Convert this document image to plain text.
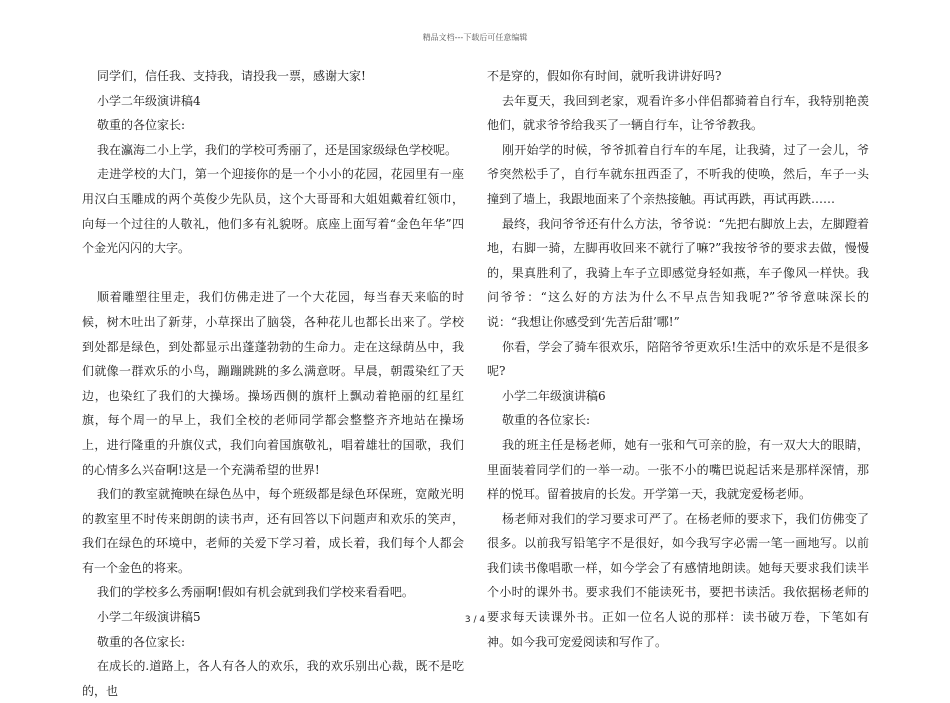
精品文档---下载后可任意编辑

同学们，信任我、支持我，请投我一票，感谢大家!

小学二年级演讲稿4

敬重的各位家长:

我在瀛海二小上学，我们的学校可秀丽了，还是国家级绿色学校呢。

走进学校的大门，第一个迎接你的是一个小小的花园，花园里有一座用汉白玉雕成的两个英俊少先队员，这个大哥哥和大姐姐戴着红领巾，向每一个过往的人敬礼，他们多有礼貌呀。底座上面写着“金色年华”四个金光闪闪的大字。

顺着雕塑往里走，我们仿佛走进了一个大花园，每当春天来临的时候，树木吐出了新芽，小草探出了脑袋，各种花儿也都长出来了。学校到处都是绿色，到处都显示出蓬蓬勃勃的生命力。走在这绿荫丛中，我们就像一群欢乐的小鸟，蹦蹦跳跳的多么满意呀。早晨，朝霞染红了天边，也染红了我们的大操场。操场西侧的旗杆上飘动着艳丽的红星红旗，每个周一的早上，我们全校的老师同学都会整整齐齐地站在操场上，进行隆重的升旗仪式，我们向着国旗敬礼，唱着雄壮的国歌，我们的心情多么兴奋啊!这是一个充满希望的世界!

我们的教室就掩映在绿色丛中，每个班级都是绿色环保班，宽敞光明的教室里不时传来朗朗的读书声，还有回答以下问题声和欢乐的笑声，我们在绿色的环境中，老师的关爱下学习着，成长着，我们每个人都会有一个金色的将来。

我们的学校多么秀丽啊!假如有机会就到我们学校来看看吧。

小学二年级演讲稿5

敬重的各位家长:

在成长的.道路上，各人有各人的欢乐，我的欢乐别出心裁，既不是吃的，也

不是穿的，假如你有时间，就听我讲讲好吗?

去年夏天，我回到老家，观看许多小伴侣都骑着自行车，我特别艳羡他们，就求爷爷给我买了一辆自行车，让爷爷教我。

刚开始学的时候，爷爷抓着自行车的车尾，让我骑，过了一会儿，爷爷突然松手了，自行车就东扭西歪了，不听我的使唤，然后，车子一头撞到了墙上，我跟地面来了个亲热接触。再试再跌，再试再跌……

最终，我问爷爷还有什么方法，爷爷说：“先把右脚放上去，左脚蹬着地，右脚一骑，左脚再收回来不就行了嘛?”我按爷爷的要求去做，慢慢的，果真胜利了，我骑上车子立即感觉身轻如燕，车子像风一样快。我问爷爷：“这么好的方法为什么不早点告知我呢?”爷爷意味深长的说：“我想让你感受到‘先苦后甜’哪!”

你看，学会了骑车很欢乐，陪陪爷爷更欢乐!生活中的欢乐是不是很多呢?

小学二年级演讲稿6

敬重的各位家长:

我的班主任是杨老师，她有一张和气可亲的脸，有一双大大的眼睛，里面装着同学们的一举一动。一张不小的嘴巴说起话来是那样深情，那样的悦耳。留着披肩的长发。开学第一天，我就宠爱杨老师。

杨老师对我们的学习要求可严了。在杨老师的要求下，我们仿佛变了很多。以前我写铅笔字不是很好，如今我写字必需一笔一画地写。以前我们读书像唱歌一样，如今学会了有感情地朗读。她每天要求我们读半个小时的课外书。要求我们不能读死书，要把书读活。我依据杨老师的要求每天读课外书。正如一位名人说的那样：读书破万卷，下笔如有神。如今我可宠爱阅读和写作了。

3 / 4
